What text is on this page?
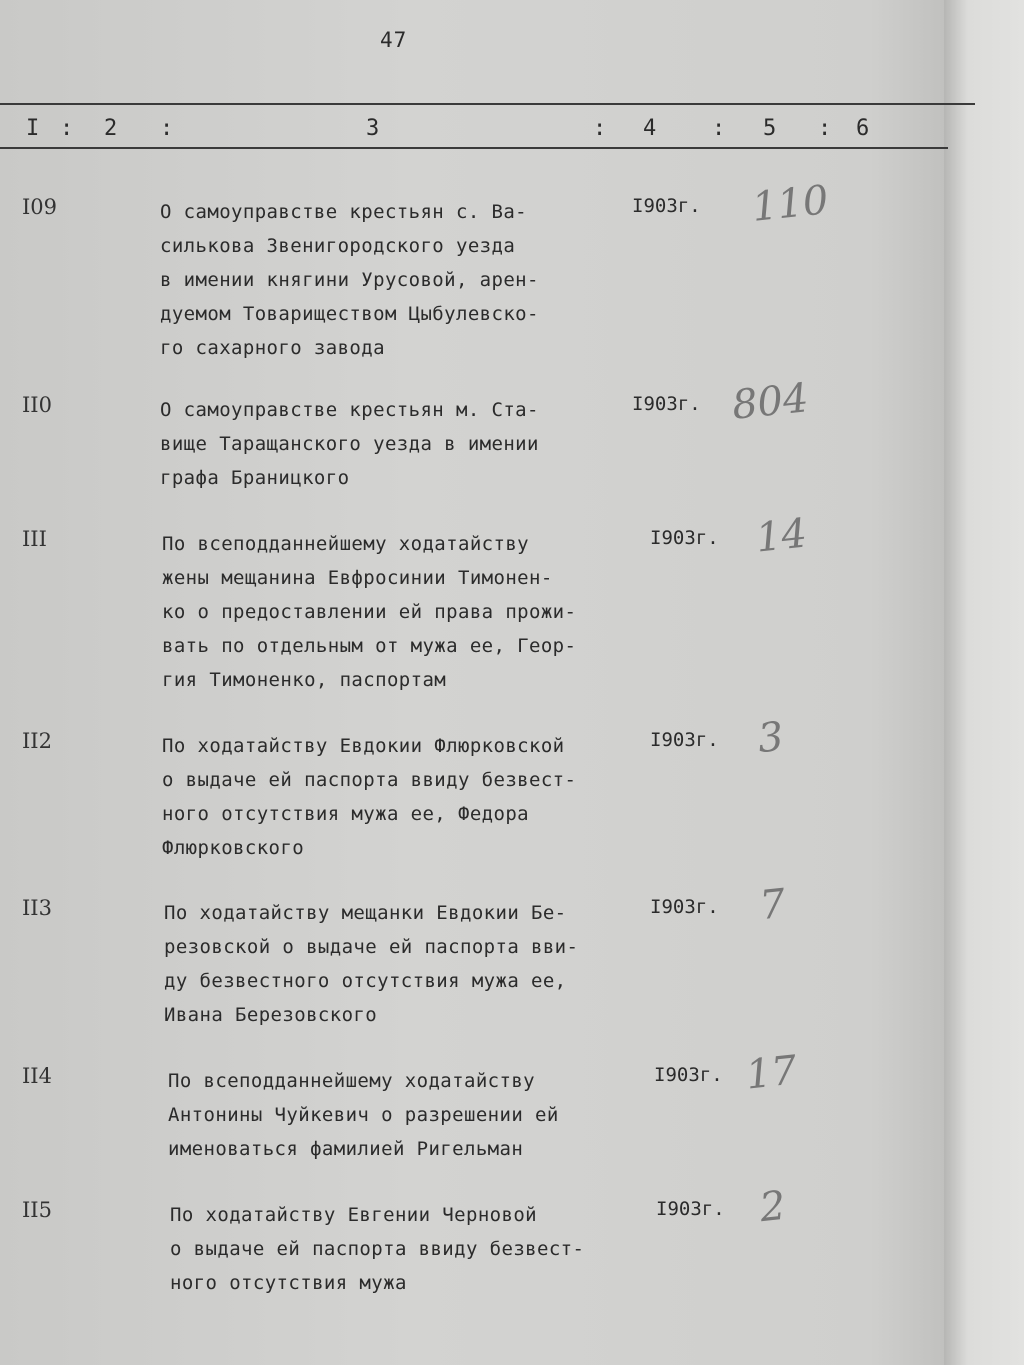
47
I : 2 :	3	: 4	: 5 : 6
I09	О самоуправстве крестьян с. Ва-
силькова Звенигородского уезда
в имении княгини Урусовой, арен-
дуемом Товариществом Цыбулевско-
го сахарного завода
I903г. 110
II0	О самоуправстве крестьян м. Ста-
вище Таращанского уезда в имении
графа Браницкого
I903г. 804
III	По всеподданнейшему ходатайству
жены мещанина Евфросинии Тимонен-
ко о предоставлении ей права прожи-
вать по отдельным от мужа ее, Геор-
гия Тимоненко, паспортам
I903г. 14
II2	По ходатайству Евдокии Флюрковской
о выдаче ей паспорта ввиду безвест-
ного отсутствия мужа ее, Федора
Флюрковского
I903г. 3
II3	По ходатайству мещанки Евдокии Бе-
резовской о выдаче ей паспорта вви-
ду безвестного отсутствия мужа ее,
Ивана Березовского
I903г. 7
II4	По всеподданнейшему ходатайству
Антонины Чуйкевич о разрешении ей
именоваться фамилией Ригельман
I903г. 17
II5	По ходатайству Евгении Черновой
о выдаче ей паспорта ввиду безвест-
ного отсутствия мужа
I903г. 2
